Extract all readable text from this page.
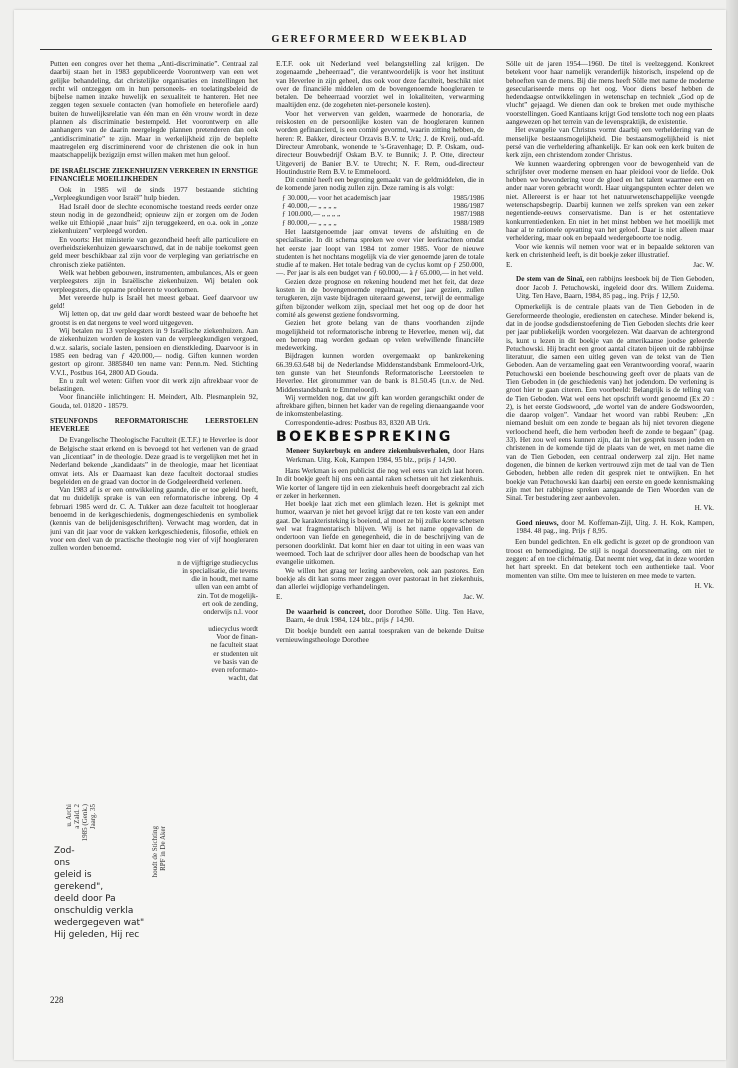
GEREFORMEERD WEEKBLAD

Putten een congres over het thema „Anti-discriminatie”. Centraal zal daarbij staan het in 1983 gepubliceerde Voorontwerp van een wet gelijke behandeling, dat christelijke organisaties en instellingen het recht wil ontzeggen om in hun personeels- en toelatingsbeleid de bijbelse namen inzake huwelijk en sexualiteit te hanteren. Het nee zeggen tegen sexuele contacten (van homofiele en heterofiele aard) buiten de huwelijksrelatie van één man en één vrouw wordt in deze plannen als discriminatie bestempeld. Het voorontwerp en alle aanhangers van de daarin neergelegde plannen pretenderen dan ook „antidiscriminatie” te zijn. Maar in werkelijkheid zijn de beplelte maatregelen erg discriminerend voor de christenen die ook in hun maatschappelijk bezigzijn ernst willen maken met hun geloof.

DE ISRAËLISCHE ZIEKENHUIZEN VERKEREN IN ERNSTIGE FINANCIËLE MOEILIJKHEDEN

Ook in 1985 wil de sinds 1977 bestaande stichting „Verpleegkundigen voor Israël” hulp bieden.

Had Israël door de slechte economische toestand reeds eerder onze steun nodig in de gezondheid; opnieuw zijn er zorgen om de Joden welke uit Ethiopië „naar huis” zijn teruggekeerd, en o.a. ook in „onze ziekenhuizen” verpleegd worden.

En voorts: Het ministerie van gezondheid heeft alle particuliere en overheidsziekenhuizen gewaarschuwd, dat in de nabije toekomst geen geld meer beschikbaar zal zijn voor de verpleging van geriatrische en chronisch zieke patiënten.

Welk wat hebben gebouwen, instrumenten, ambulances, Als er geen verpleegsters zijn in Israëlische ziekenhuizen. Wij betalen ook verpleegsters, die opname probleren te voorkomen.

Met vereerde hulp is Israël het meest gebaat. Geef daarvoor uw geld!

Wij letten op, dat uw geld daar wordt besteed waar de behoefte het grootst is en dat nergens te veel word uitgegeven.

Wij betalen nu 13 verpleegsters in 9 Israëlische ziekenhuizen. Aan de ziekenhuizen worden de kosten van de verpleegkundigen vergoed, d.w.z. salaris, sociale lasten, pensioen en dienstkleding. Daarvoor is in 1985 een bedrag van ƒ 420.000,— nodig. Giften kunnen worden gestort op gironr. 3885840 ten name van: Penn.m. Ned. Stichting V.V.I., Postbus 164, 2800 AD Gouda.

En u zult wel weten: Giften voor dit werk zijn aftrekbaar voor de belastingen.

Voor financiële inlichtingen: H. Meindert, Alb. Plesmanplein 92, Gouda, tel. 01820 - 18579.

STEUNFONDS REFORMATORISCHE LEERSTOELEN HEVERLEE

De Evangelische Theologische Faculteit (E.T.F.) te Heverlee is door de Belgische staat erkend en is bevoegd tot het verlenen van de graad van „licentiaat” in de theologie. Deze graad is te vergelijken met het in Nederland bekende „kandidaats” in de theologie, maar het licentiaat omvat iets. Als er Daarnaast kan deze faculteit doctoraal studies begeleiden en de graad van doctor in de Godgeleerdheid verlenen.

Van 1983 af is er een ontwikkeling gaande, die er toe geleid heeft, dat nu duidelijk sprake is van een reformatorische inbreng. Op 4 februari 1985 werd dr. C. A. Tukker aan deze faculteit tot hoogleraar benoemd in de kerkgeschiedenis, dogmengeschiedenis en symboliek (kennis van de belijdenisgeschriften). Verwacht mag worden, dat in juni van dit jaar voor de vakken kerkgeschiedenis, filosofie, ethiek en voor een deel van de practische theologie nog vier of vijf hoogleraren zullen worden benoemd.

n de vijftigrige studiecyclus
in specialisatie, die tevens
die in houdt, met name
ullen van een ambt of
zin. Tot de mogelijk-
ert ook de zending,
onderwijs n.l. voor
udiecyclus wordt
Voor de finan-
ne faculteit staat
er studenten uit
ve basis van de
even reformato-
wacht, dat
Zod-
ons
geleid is
gerekend",
deeld door Pa
onschuldig verkla
wedergegeven wat"
Hij geleden, Hij rec
u. Archi a Zald. 2 1985 (Genk.) Jaarg. 35
houdt de Stichting RPF in De Aker

E.T.F. ook uit Nederland veel belangstelling zal krijgen. De zogenaamde „beheerraad”, die verantwoordelijk is voor het instituut van Heverlee in zijn geheel, dus ook voor deze faculteit, beschikt niet over de financiële middelen om de bovengenoemde hoogleraren te betalen. De beheerraad voorziet wel in lokaliteiten, verwarming maaltijden enz. (de zogeheten niet-personele kosten).

Voor het verwerven van gelden, waarmede de honoraria, de reiskosten en de persoonlijke kosten van de hoogleraren kunnen worden gefinancierd, is een comité gevormd, waarin zitting hebben, de heren: R. Bakker, directeur Orzavis B.V. te Urk; J. de Kreij, oud-afd. Directeur Amrobank, wonende te 's-Gravenhage; D. P. Oskam, oud-directeur Bouwbedrijf Oskam B.V. te Bunnik; J. P. Otte, directeur Uitgeverij de Banier B.V. te Utrecht; N. F. Rem, oud-directeur Houtindustrie Rem B.V. te Emmeloord.

Dit comité heeft een begroting gemaakt van de geldmiddelen, die in de komende jaren nodig zullen zijn. Deze raming is als volgt:

ƒ 30.000,— voor het academisch jaar	1985/1986
ƒ 40.000,— „ „ „ „	1986/1987
ƒ 100.000,— „ „ „ „	1987/1988
ƒ 80.000,— „ „ „ „	1988/1989

Het laatstgenoemde jaar omvat tevens de afsluiting en de specialisatie. In dit schema spreken we over vier leerkrachten omdat het eerste jaar loopt van 1984 tot zomer 1985. Voor de nieuwe studenten is het nochtans mogelijk via de vier genoemde jaren de totale studie af te maken. Het totale bedrag van de cyclus komt op ƒ 250.000,—. Per jaar is als een budget van ƒ 60.000,— à ƒ 65.000,— in het veld.

Gezien deze prognose en rekening houdend met het feit, dat deze kosten in de bovengenoemde regelmaat, per jaar gezien, zullen terugkeren, zijn vaste bijdragen uiteraard gewenst, terwijl de eenmalige giften bijzonder welkom zijn, speciaal met het oog op de door het comité als gewenst gezienе fondsvorming.

Gezien het grote belang van de thans voorhanden zijnde mogelijkheid tot reformatorische inbreng te Heverlee, menen wij, dat een beroep mag worden gedaan op velen welwillende financiële medewerking.

Bijdragen kunnen worden overgemaakt op bankrekening 66.39.63.648 bij de Nederlandse Middenstandsbank Emmeloord-Urk, ten gunste van het Steunfonds Reformatorische Leerstoelen te Heverlee. Het gironummer van de bank is 81.50.45 (t.n.v. de Ned. Middenstandsbank te Emmeloord).

Wij vermelden nog, dat uw gift kan worden gerangschikt onder de aftrekbare giften, binnen het kader van de regeling dienaangaande voor de inkomstenbelasting.

Correspondentie-adres: Postbus 83, 8320 AB Urk.

BOEKBESPREKING
Meneer Suykerbuyk en andere ziekenhuisverhalen, door Hans Werkman. Uitg. Kok, Kampen 1984, 95 blz., prijs ƒ 14,90.

Hans Werkman is een publicist die nog wel eens van zich laat horen. In dit boekje geeft hij ons een aantal raken schetsen uit het ziekenhuis. Wie korter of langere tijd in een ziekenhuis heeft doorgebracht zal zich er zeker in herkennen.

Het boekje laat zich met een glimlach lezen. Het is geknipt met humor, waarvan je niet het gevoel krijgt dat re ten koste van een ander gaat. De karakteristeking is boeiend, al moet ze bij zulke korte schetsen wel wat fragmentarisch blijven. Wij is het name opgevallen de ondertoon van liefde en genegenheid, die in de beschrijving van de personen doorklinkt. Dat komt hier en daar tot uiting in een waas van weemoed. Toch laat de schrijver door alles heen de boodschap van het evangelie uitkomen.

We willen het graag ter lezing aanbevelen, ook aan pastores. Een boekje als dit kan soms meer zeggen over pastoraat in het ziekenhuis, dan allerlei wijdlopige verhandelingen.

E.	Jac. W.
De waarheid is concreet, door Dorothee Sölle. Uitg. Ten Have, Baarn, 4e druk 1984, 124 blz., prijs ƒ 14,90.

Dit boekje bundelt een aantal toespraken van de bekende Duitse vernieuwingstheologe Dorothee

Sölle uit de jaren 1954—1960. De titel is veelzeggend. Konkreet betekent voor haar namelijk veranderlijk historisch, inspelend op de behoeften van de mens. Bij die mens heeft Sölle met name de moderne geseculariseerde mens op het oog. Voor diens besef hebben de hedendaagse ontwikkelingen in wetenschap en techniek „God op de vlucht” gejaagd. We dienen dan ook te breken met oude mythische voorstellingen. Goed Kantiaans krijgt God tenslotte toch nog een plaats aangewezen op het terrein van de levenspraktijk, de existentie.

Het evangelie van Christus vormt daarbij een verheldering van de menselijke bestaansmogelijkheid. Die bestaansmogelijkheid is niet persé van die verheldering afhankelijk. Er kan ook een kerk buiten de kerk zijn, een christendom zonder Christus.

We kunnen waardering opbrengen voor de bewogenheid van de schrijfster over moderne mensen en haar pleidooi voor de liefde. Ook hebben we bewondering voor de gloed en het talent waarmee een en ander naar voren gebracht wordt. Haar uitgangspunten echter delen we niet. Allereerst is er haar tot het natuurwetenschappelijke veengde wetenschapsbegrip. Daarbij kunnen we zelfs spreken van een zeker negentiende-eeuws conservatisme. Dan is er het ostentatieve konkurrentiedenken. En niet in het minst hebben we het moeilijk met haar al te rationele opvatting van het geloof. Daar is niet alleen maar verheldering, maar ook en bepaald wedergeboorte toe nodig.

Voor wie kennis wil nemen voor wat er in bepaalde sektoren van kerk en christenheid leeft, is dit boekje zeker illustratief.

E.	Jac. W.
De stem van de Sinaï, een rabbijns leesboek bij de Tien Geboden, door Jacob J. Petuchowski, ingeleid door drs. Willem Zuidema. Uitg. Ten Have, Baarn, 1984, 85 pag., ing. Prijs ƒ 12,50.

Opmerkelijk is de centrale plaats van de Tien Geboden in de Gereformeerde theologie, erediensten en catechese. Minder bekend is, dat in de joodse godsdienstoefening de Tien Geboden slechts drie keer per jaar publiekelijk worden voorgelezen. Wat daarvan de achtergrond is, kunt u lezen in dit boekje van de amerikaanse joodse geleerde Petuchowski. Hij bracht een groot aantal citaten bijeen uit de rabbijnse literatuur, die samen een uitleg geven van de tekst van de Tien Geboden. Aan de verzameling gaat een Verantwoording vooraf, waarin Petuchowski een boeiende beschouwing geeft over de plaats van de Tien Geboden in (de geschiedenis van) het jodendom. De verlening is groot hier te gaan citeren. Een voorbeeld: Belangrijk is de telling van de Tien Geboden. Wat wel eens het opschrift wordt genoemd (Ex 20 : 2), is het eerste Godswoord, „de wortel van de andere Godswoorden, die daarop volgen”. Vandaar het woord van rabbi Reuben: „En niemand besluit om een zonde te begaan als hij niet tevoren diegene verloochend heeft, die hem verboden heeft de zonde te begaan” (pag. 33). Het zou wel eens kunnen zijn, dat in het gesprek tussen joden en christenen in de komende tijd de plaats van de wet, en met name die van de Tien Geboden, een centraal onderwerp zal zijn. Het name dogenen, die binnen de kerken vertrouwd zijn met de taal van de Tien Geboden, hebben alle reden dit gesprek niet te ontwijken. En het boekje van Petuchowski kan daarbij een eerste en goede kennismaking zijn met het rabbijnse spreken aangaande de Tien Woorden van de Sinaï. Ter bestudering zeer aanbevolen.

H. Vk.
Goed nieuws, door M. Koffeman-Zijl, Uitg. J. H. Kok, Kampen, 1984. 48 pag., ing. Prijs ƒ 8,95.

Een bundel gedichten. En elk gedicht is gezet op de grondtoon van troost en bemoediging. De stijl is nogal doorsneemating, om niet te zeggen: af en toe clichématig. Dat neemt niet weg, dat in deze woorden het hart spreekt. En dat betekent toch een authentieke taal. Voor momenten van stilte. Om mee te luisteren en mee mede te varten.

H. Vk.
228
